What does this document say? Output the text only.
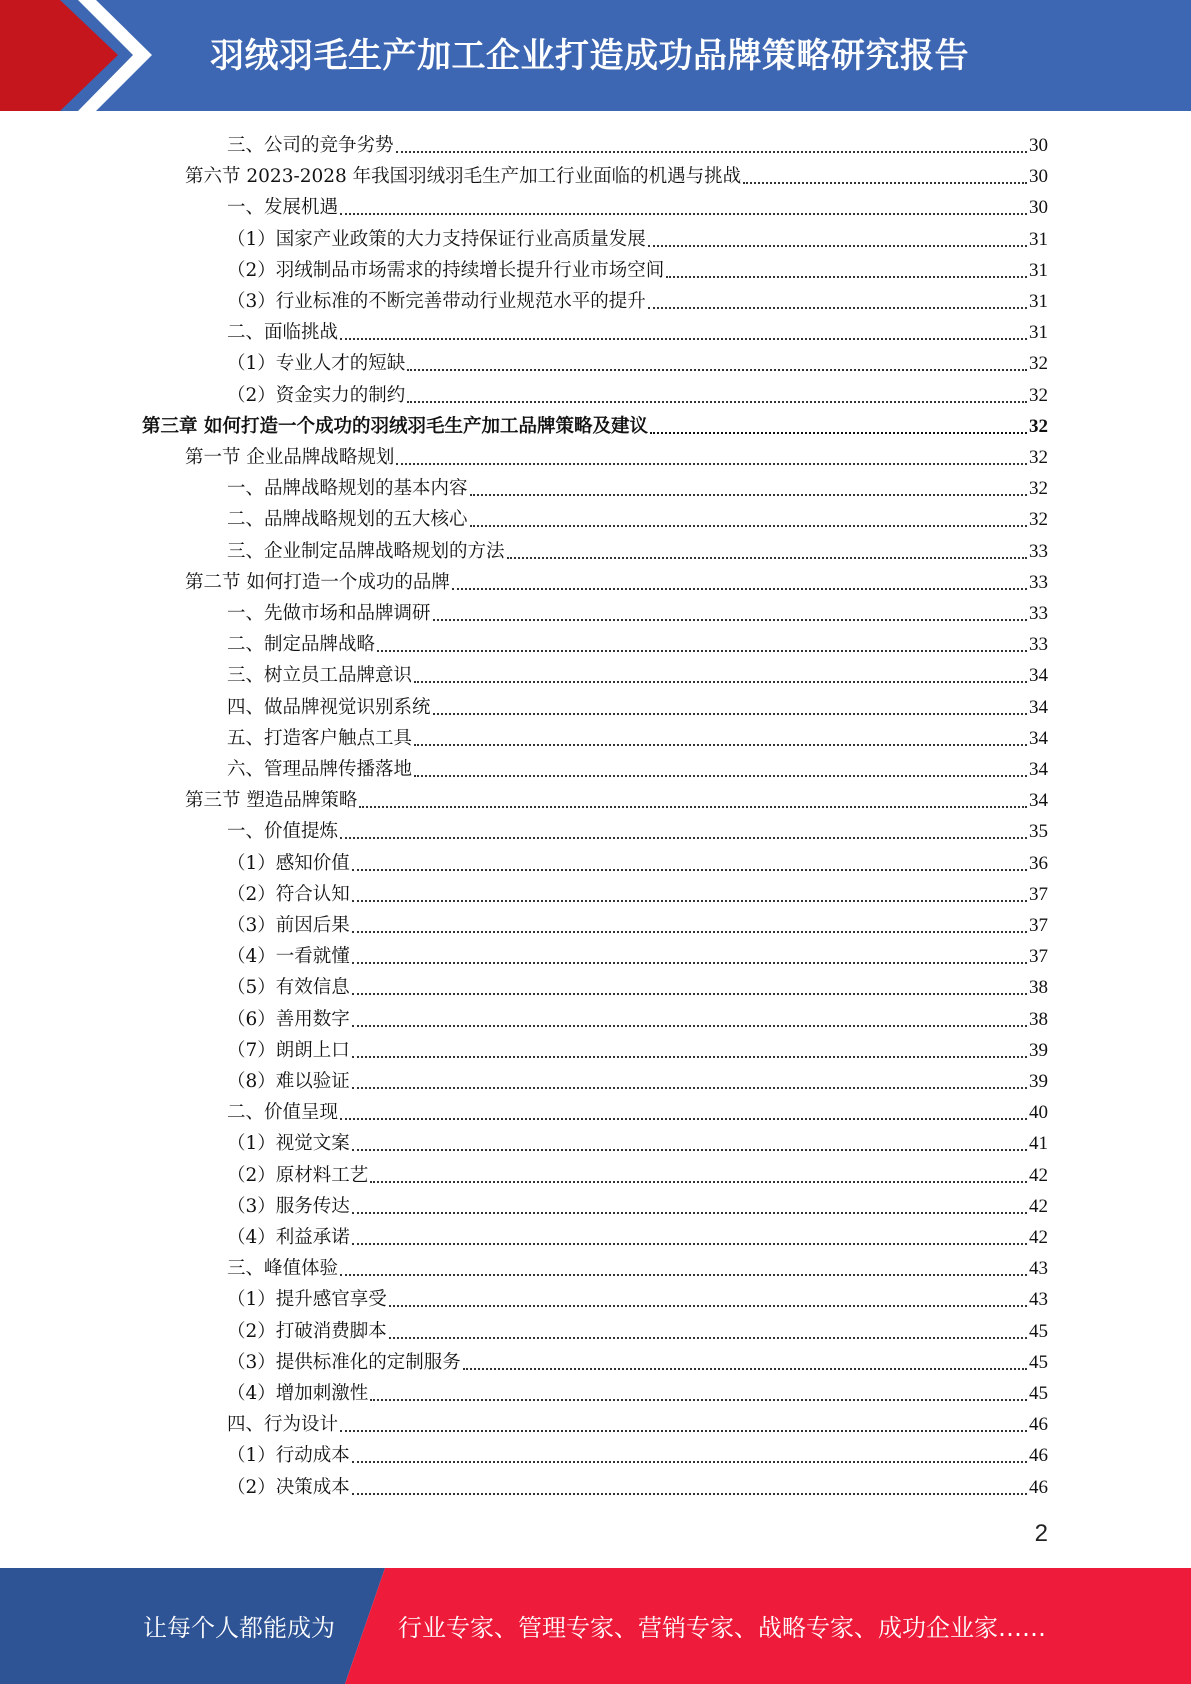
羽绒羽毛生产加工企业打造成功品牌策略研究报告
三、公司的竞争劣势	30
第六节 2023-2028 年我国羽绒羽毛生产加工行业面临的机遇与挑战	30
一、发展机遇	30
（1）国家产业政策的大力支持保证行业高质量发展	31
（2）羽绒制品市场需求的持续增长提升行业市场空间	31
（3）行业标准的不断完善带动行业规范水平的提升	31
二、面临挑战	31
（1）专业人才的短缺	32
（2）资金实力的制约	32
第三章 如何打造一个成功的羽绒羽毛生产加工品牌策略及建议	32
第一节 企业品牌战略规划	32
一、品牌战略规划的基本内容	32
二、品牌战略规划的五大核心	32
三、企业制定品牌战略规划的方法	33
第二节 如何打造一个成功的品牌	33
一、先做市场和品牌调研	33
二、制定品牌战略	33
三、树立员工品牌意识	34
四、做品牌视觉识别系统	34
五、打造客户触点工具	34
六、管理品牌传播落地	34
第三节 塑造品牌策略	34
一、价值提炼	35
（1）感知价值	36
（2）符合认知	37
（3）前因后果	37
（4）一看就懂	37
（5）有效信息	38
（6）善用数字	38
（7）朗朗上口	39
（8）难以验证	39
二、价值呈现	40
（1）视觉文案	41
（2）原材料工艺	42
（3）服务传达	42
（4）利益承诺	42
三、峰值体验	43
（1）提升感官享受	43
（2）打破消费脚本	45
（3）提供标准化的定制服务	45
（4）增加刺激性	45
四、行为设计	46
（1）行动成本	46
（2）决策成本	46
2
让每个人都能成为	行业专家、管理专家、营销专家、战略专家、成功企业家……
